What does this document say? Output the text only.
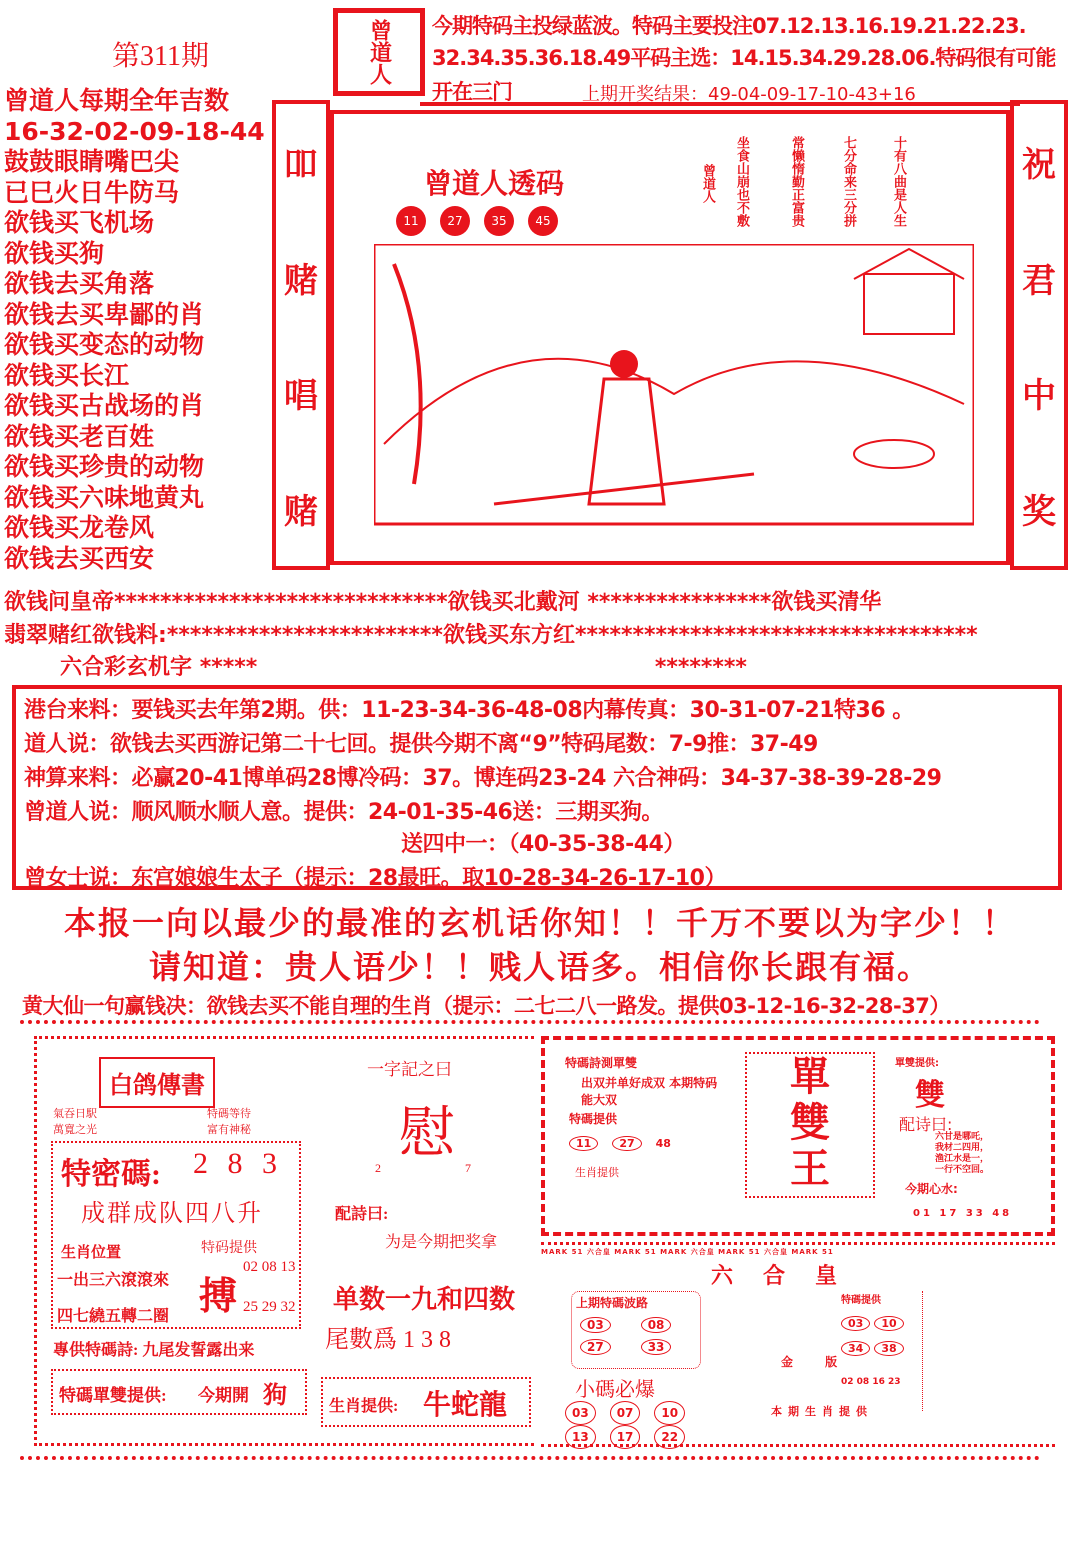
第311期	曾道人 今期特码主投绿蓝波。特码主要投注07.12.13.16.19.21.22.23.
32.34.35.36.18.49平码主选：14.15.34.29.28.06.特码很有可能
开在三门	上期开奖结果：49-04-09-17-10-43+16
曾道人每期全年吉数
16-32-02-09-18-44
鼓鼓眼睛嘴巴尖
已巳火日牛防马
欲钱买飞机场
欲钱买狗
欲钱去买角落
欲钱去买卑鄙的肖
欲钱买变态的动物
欲钱买长江
欲钱买古战场的肖
欲钱买老百姓
欲钱买珍贵的动物
欲钱买六味地黄丸
欲钱买龙卷风
欲钱去买西安
吅
赌
唱
赌
祝
君
中
奖
曾道人透码
11 27 35 45	十有八曲是人生
七分命来三分拼
常懒惰勤正富贵
坐食山崩也不敷
曾道人
欲钱问皇帝*****************************欲钱买北戴河 ****************欲钱买清华
翡翠赌红欲钱料:************************欲钱买东方红***********************************
六合彩玄机字 *****	********
港台来料：要钱买去年第2期。供：11-23-34-36-48-08内幕传真：30-31-07-21特36 。
道人说：欲钱去买西游记第二十七回。提供今期不离“9”特码尾数：7-9推：37-49
神算来料：必赢20-41博单码28博冷码：37。博连码23-24 六合神码：34-37-38-39-28-29
曾道人说：顺风顺水顺人意。提供：24-01-35-46送：三期买狗。
送四中一：（40-35-38-44）
曾女士说：东宫娘娘生太子（提示：28最旺。取10-28-34-26-17-10）
本报一向以最少的最准的玄机话你知！！千万不要以为字少！！
请知道：贵人语少！！贱人语多。相信你长跟有福。
黄大仙一句赢钱决：欲钱去买不能自理的生肖（提示：二七二八一路发。提供03-12-16-32-28-37）
白鸽傳書
氣吞日駅 萬寬之光
特碼等待 富有神秘
特密碼: 2 8 3
成群成队四八升
生肖位置
一出三六滾滾來
四七繞五轉二圈
特码提供
搏
02 08 13
25 29 32
專供特碼詩: 九尾发誓露出来
特碼單雙提供: 今期開 狗
一字記之曰
慰
2	7
配詩曰:
为是今期把奖拿
单数一九和四数
尾數爲 1 3 8
生肖提供: 牛蛇龍
特碼詩測單雙
出双并单好成双 本期特码能大双
特碼提供
11	27 48
生肖提供
單
雙
王
單雙提供:
雙
配诗曰:
六甘是哪吒，
我材二四用，
渔江水是一，
一行不空回。
今期心水:
01 17 33 48
MARK 51 六合皇 MARK 51 MARK 六合皇 MARK 51 六合皇 MARK 51
六合皇
上期特碼波路
03	08
27	33
特碼提供
03 10
34 38
金 版
小碼必爆	02 08 16 23
03 07 10
13 17 22
本期生肖提供
